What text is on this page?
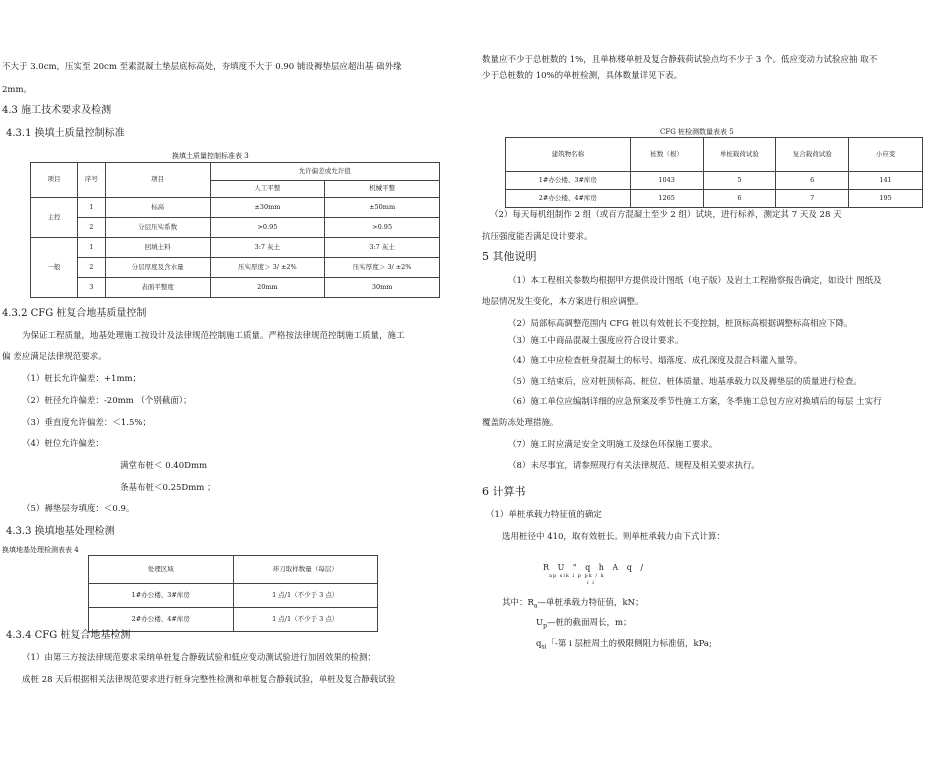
不大于 3.0cm，压实至 20cm 至素混凝土垫层底标高处，夯填度不大于 0.90 铺设褥垫层应超出基 础外缘
2mm。
4.3 施工技术要求及检测
4.3.1 换填土质量控制标准
换填土质量控制标准表 3
项目	序号	项目	允许偏差或允许值	
			人工平整	机械平整
主控	1	标高	±30mm	±50mm
	2	分层压实系数	>0.95	>0.95
一般	1	回填土料	3:7 灰土	3:7 灰土
	2	分层厚度及含水量	压实厚度＞ 3/ ±2%	压实厚度＞ 3/ ±2%
	3	表面平整度	20mm	30mm
4.3.2 CFG 桩复合地基质量控制
为保证工程质量，地基处理施工按设计及法律规范控制施工质量。严格按法律规范控制施工质量，施工
偏 差应满足法律规范要求。
（1）桩长允许偏差：+1mm；
（2）桩径允许偏差：-20mm （个别截面）；
（3）垂直度允许偏差：＜1.5%；
（4）桩位允许偏差：
满堂布桩＜ 0.40Dmm
条基布桩＜0.25Dmm ；
（5）褥垫层夯填度：＜0.9。
4.3.3 换填地基处理检测
换填地基处理检测表表 4
处理区域	环刀取样数量（每层）
1#办公楼、3#库房	1 点/1（不少于 3 点）
2#办公楼、4#库房	1 点/1（不少于 3 点）
4.3.4 CFG 桩复合地基检测
（1）由第三方按法律规范要求采纳单桩复合静载试验和低应变动测试验进行加固效果的检测：
成桩 28 天后根据相关法律规范要求进行桩身完整性检测和单桩复合静载试验，单桩及复合静载试验
数量应不少于总桩数的 1%，且单栋楼单桩及复合静载荷试验点均不少于 3 个。低应变动力试验应抽 取不
少于总桩数的 10%的单桩检测，具体数量详见下表。
CFG 桩检测数量表表 5
建筑物名称	桩数（根）	单桩载荷试验	复合载荷试验	小应变
1#办公楼、3#库房	1043	5	6	141
2#办公楼、4#库房	1265	6	7	195
（2）每天每机组制作 2 组（或百方混凝土至少 2 组）试块，进行标养，测定其 7 天及 28 天
抗压强度能否满足设计要求。
5 其他说明
（1）本工程相关参数均根据甲方提供设计图纸（电子版）及岩土工程勘察报告确定，如设计 图纸及
地层情况发生变化，本方案进行相应调整。
（2）局部标高调整范围内 CFG 桩以有效桩长不变控制，桩顶标高根据调整标高相应下降。
（3）施工中商品混凝土强度应符合设计要求。
（4）施工中应检查桩身混凝土的标号、塌落度、成孔深度及混合料灌入量等。
（5）施工结束后，应对桩顶标高、桩位、桩体质量、地基承载力以及褥垫层的质量进行检查。
（6）施工单位应编制详细的应急预案及季节性施工方案，冬季施工总包方应对换填后的每层 土实行
覆盖防冻处理措施。
（7）施工时应满足安全文明施工及绿色环保施工要求。
（8）未尽事宜，请参照现行有关法律规范、规程及相关要求执行。
6 计算书
（1）单桩承载力特征值的确定
选用桩径中 410，取有效桩长。则单桩承载力由下式计算：
R U " q h A q /
ap sik i p pk / k
i i
其中：$R_a—$单桩承载力特征值，kN；
$U_p—$桩的截面周长，m；
$q_{si}$「-第 i 层桩周土的极限侧阻力标准值，kPa;
